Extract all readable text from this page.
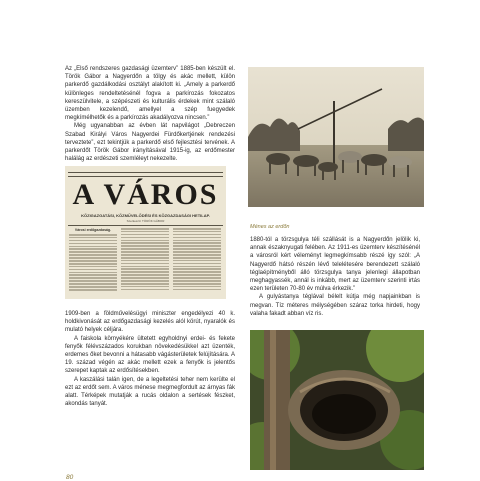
Az „Első rendszeres gazdasági üzemterv” 1885-ben készült el. Török Gábor a Nagyerdőn a tölgy és akác mellett, külön parkerdő gazdálkodási osztályt alakított ki. „Amely a parkerdő különleges rendeltetésénél fogva a parkírozás fokozatos kereszülvitele, a szépészeti és kulturális érdekek mint szálaló üzemben kezelendő, amellyel a szép fuegyedek megkímélhetők és a parkírozás akadályozva nincsen.”

Még ugyanabban az évben lát napvilágot „Debreczen Szabad Királyi Város Nagyerdei Fürdőkertjének rendezési terveztete”, ezt tekintjük a parkerdő első fejlesztési tervének. A parkerdőt Török Gábor irányításával 1915-ig, az erdőmester halálág az erdészeti szemléleyt nekezelte.

A VÁROS
KÖZIGAZGATÁSI, KÖZMŰVELŐDÉSI ÉS KÖZGAZDASÁGI HETILAP.
Szerkeszti: TÖRÖK GÁBOR
Városi erdőgazdaság.

1909-ben a földművelésügyi miniszter engedélyezi 40 k. holdkivonását az erdőgazdasági kezelés alól körút, nyaralók és mulató helyek céljára.

A faiskola környékére ültetett egyholdnyi erdei- és fekete fenyők félévszázados korukban növekedésükkel azt üzenték, erdemes őket bevonni a hátasabb vágásterületek felújítására. A 19. század végén az akác mellett ezek a fenyők is jelentős szerepet kaptak az erdősítésekben.

A kaszálási talán igen, de a legeltetési teher nem kerülte el ezt az erdőt sem. A város ménese megmegfordult az árnyas fák alatt. Térképek mutatják a rucás oldalon a sertések fészket, akondás tanyát.

Ménes az erdőn

1880-tól a törzsgulya téli szállását is a Nagyerdőn jelölik ki, annak északnyugati felében. Az 1911-es üzemterv készítésénél a városról kért véleményt legmegkímsabb részé így szól: „A Nagyerdő hátsó részén lévő telelétesére berendezett szálaló téglaépítményből álló törzsgulya tanya jelenlegi állapotban meghagyassék, annál is inkább, mert az üzemterv szerinti irtás ezen területen 70-80 év múlva érkezik.”

A gulyástanya téglával bélelt kútja még napjainkban is megvan. Tíz méteres mélységében száraz torka hirdeti, hogy valaha fakadt abban víz ris.

80
